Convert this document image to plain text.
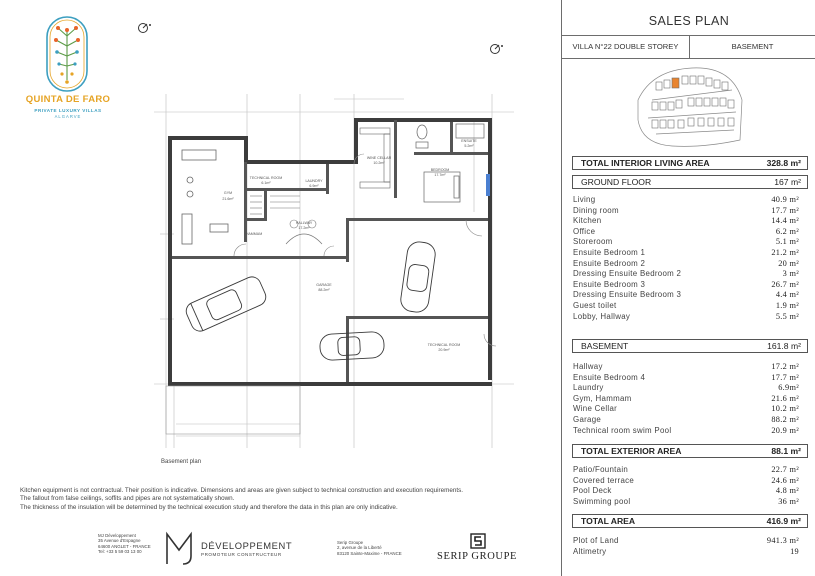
QUINTA DE FARO
PRIVATE LUXURY VILLAS
ALGARVE
GYM
21.6m²
TECHNICAL ROOM
6.1m²	LAUNDRY
6.9m²
WINE CELLAR
10.2m²
ENSUITE
5.2m²
BEDROOM
17.7m²
HAMMAM
HALLWAY
17.2m²
GARAGE
88.2m²
TECHNICAL ROOM
20.9m²
Basement plan
Kitchen equipment is not contractual. Their position is indicative. Dimensions and areas are given subject to technical construction and execution requirements.
The fallout from false ceilings, soffits and pipes are not systematically shown.
The thickness of the insulation will be determined by the technical execution study and therefore the data in this plan are only indicative.
MJ Développement
35 Avenue d'Espagne
64600 ANGLET - FRANCE
Tel: +33 5 59 03 13 00
DÉVELOPPEMENT
PROMOTEUR CONSTRUCTEUR
Serip Groupe
2, avenue de la Liberté
83120 Sainte-Maxime - FRANCE	SERIP GROUPE
SALES PLAN
VILLA N°22 DOUBLE STOREY	BASEMENT
TOTAL INTERIOR LIVING AREA	328.8 m²
GROUND FLOOR	167 m²
Living	40.9 m²
Dining room	17.7 m²
Kitchen	14.4 m²
Office	6.2 m²
Storeroom	5.1 m²
Ensuite Bedroom 1	21.2 m²
Ensuite Bedroom 2	20 m²
Dressing Ensuite Bedroom 2	3 m²
Ensuite Bedroom 3	26.7 m²
Dressing Ensuite Bedroom 3	4.4 m²
Guest toilet	1.9 m²
Lobby, Hallway	5.5 m²
BASEMENT	161.8 m²
Hallway	17.2 m²
Ensuite Bedroom 4	17.7 m²
Laundry	6.9m²
Gym, Hammam	21.6 m²
Wine Cellar	10.2 m²
Garage	88.2 m²
Technical room swim Pool	20.9 m²
TOTAL EXTERIOR AREA	88.1 m²
Patio/Fountain	22.7 m²
Covered terrace	24.6 m²
Pool Deck	4.8 m²
Swimming pool	36 m²
TOTAL AREA	416.9 m²
Plot of Land	941.3 m²
Altimetry	19
